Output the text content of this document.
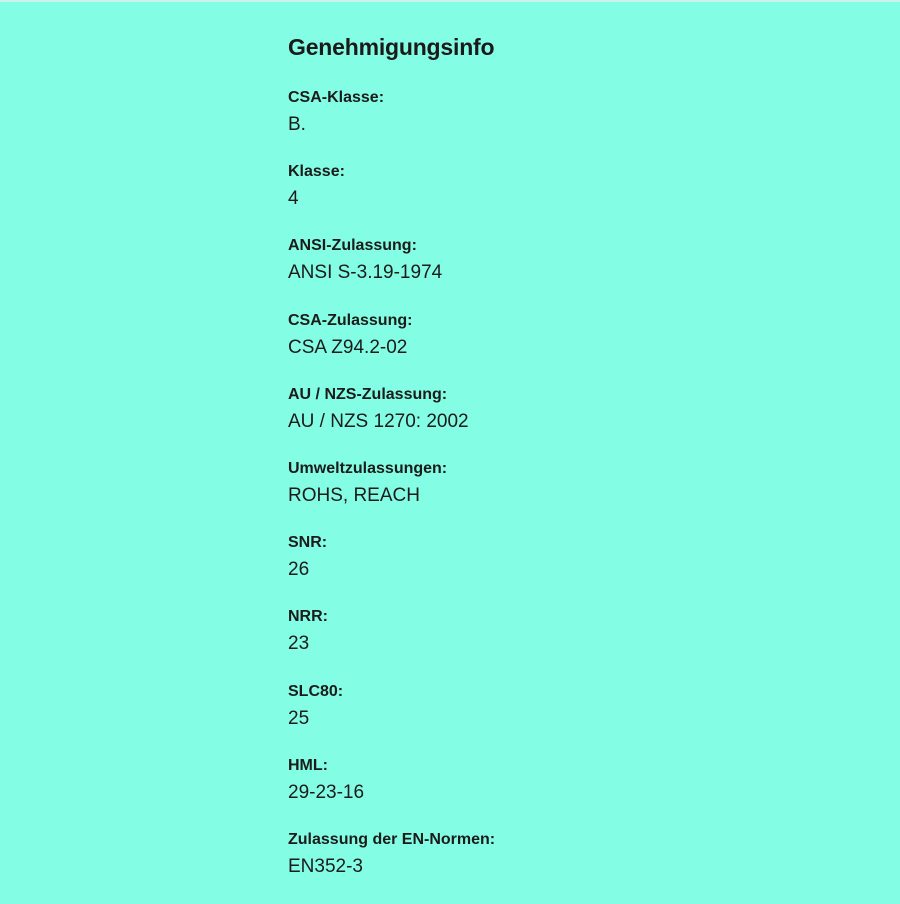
Genehmigungsinfo
CSA-Klasse:
B.
Klasse:
4
ANSI-Zulassung:
ANSI S-3.19-1974
CSA-Zulassung:
CSA Z94.2-02
AU / NZS-Zulassung:
AU / NZS 1270: 2002
Umweltzulassungen:
ROHS, REACH
SNR:
26
NRR:
23
SLC80:
25
HML:
29-23-16
Zulassung der EN-Normen:
EN352-3
